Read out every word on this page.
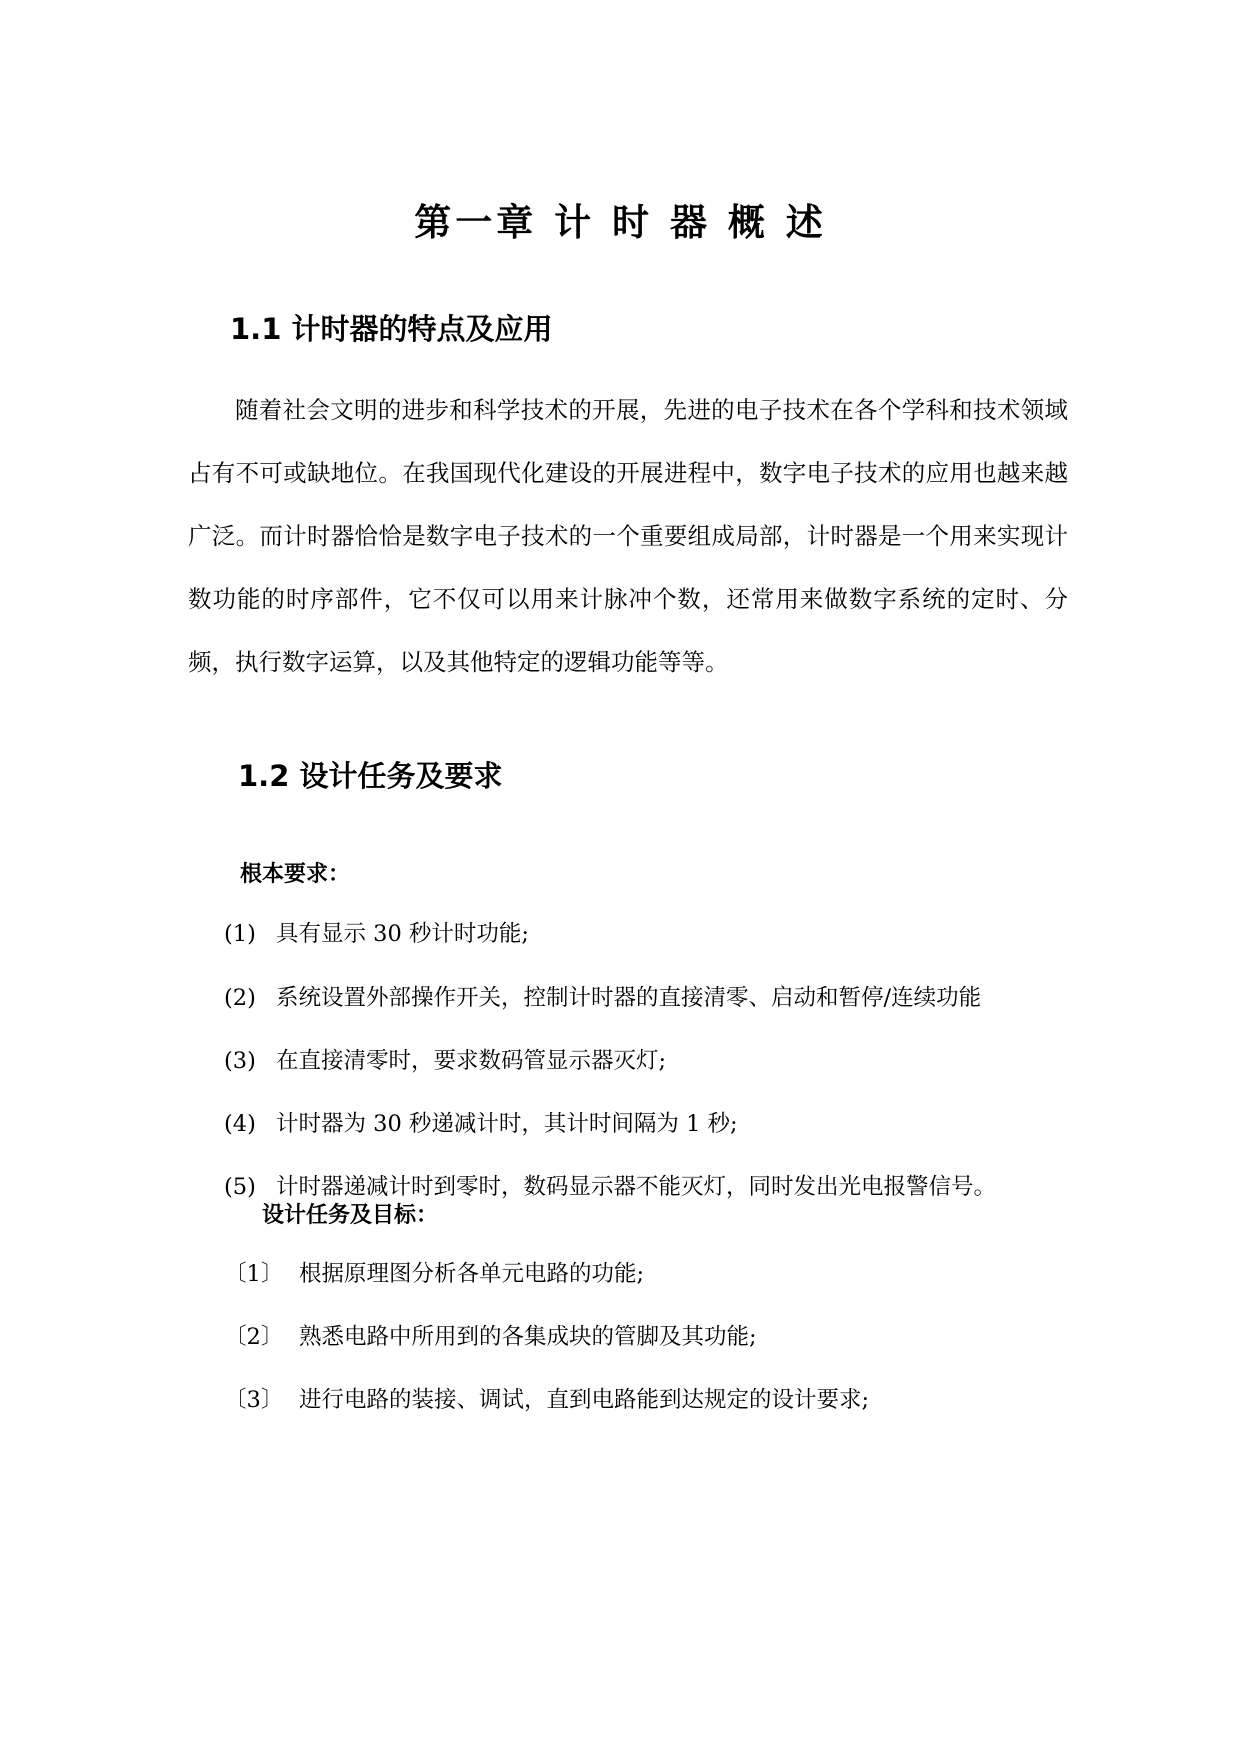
第一章 计 时 器 概 述
1.1 计时器的特点及应用
随着社会文明的进步和科学技术的开展，先进的电子技术在各个学科和技术领域占有不可或缺地位。在我国现代化建设的开展进程中，数字电子技术的应用也越来越广泛。而计时器恰恰是数字电子技术的一个重要组成局部，计时器是一个用来实现计数功能的时序部件，它不仅可以用来计脉冲个数，还常用来做数字系统的定时、分频，执行数字运算，以及其他特定的逻辑功能等等。
1.2 设计任务及要求
根本要求：
(1) 具有显示 30 秒计时功能;
(2) 系统设置外部操作开关，控制计时器的直接清零、启动和暂停/连续功能
(3) 在直接清零时，要求数码管显示器灭灯;
(4) 计时器为 30 秒递减计时，其计时间隔为 1 秒;
(5) 计时器递减计时到零时，数码显示器不能灭灯，同时发出光电报警信号。
设计任务及目标：
〔1〕 根据原理图分析各单元电路的功能;
〔2〕 熟悉电路中所用到的各集成块的管脚及其功能;
〔3〕 进行电路的装接、调试，直到电路能到达规定的设计要求;
